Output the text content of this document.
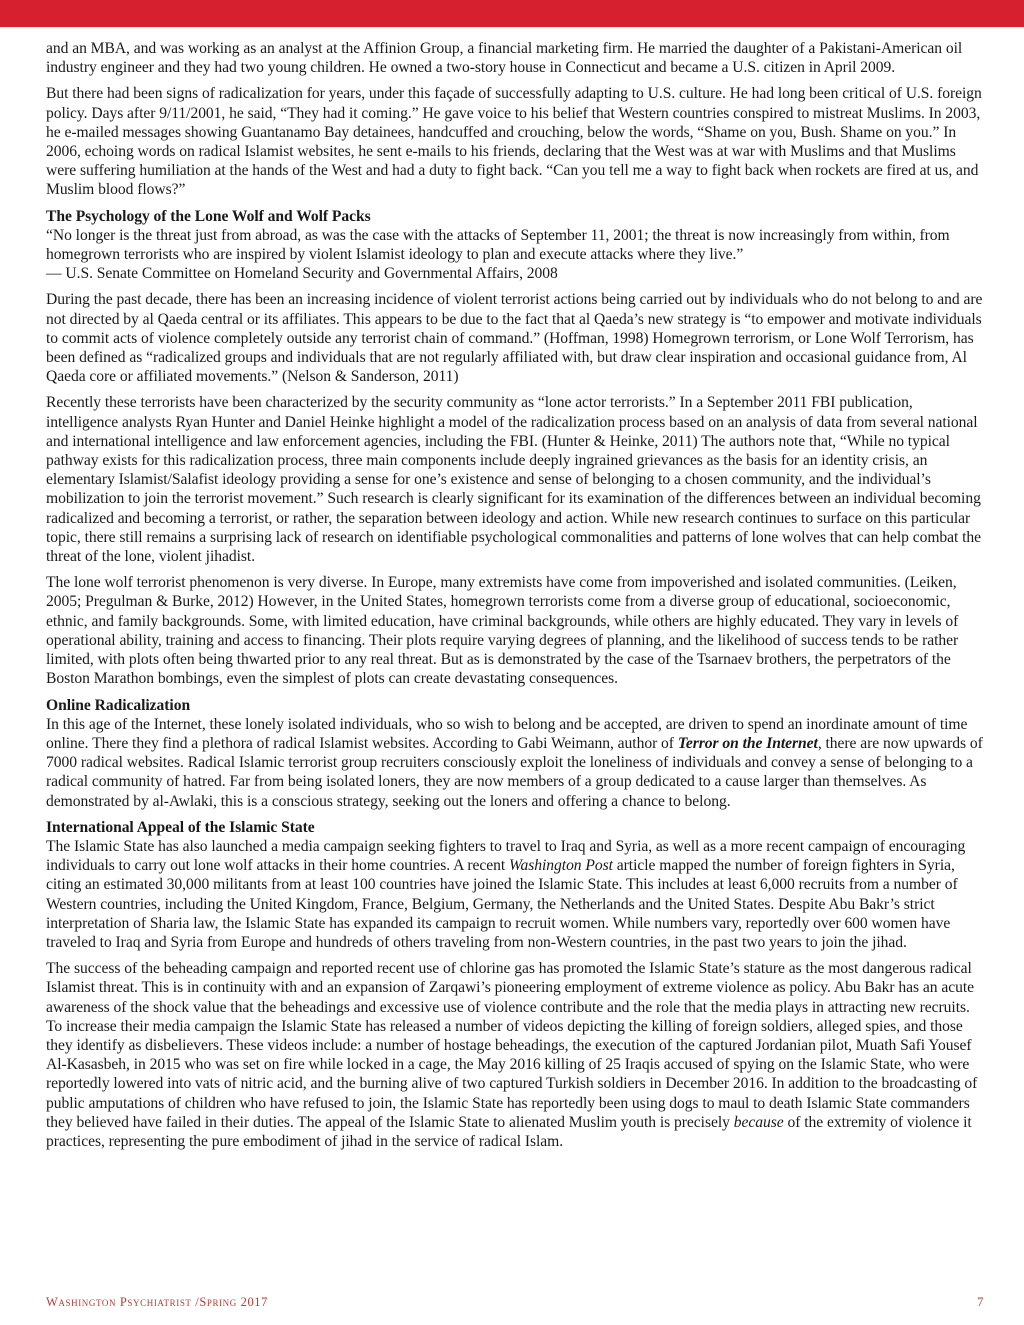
and an MBA, and was working as an analyst at the Affinion Group, a financial marketing firm. He married the daughter of a Pakistani-American oil industry engineer and they had two young children. He owned a two-story house in Connecticut and became a U.S. citizen in April 2009.

But there had been signs of radicalization for years, under this façade of successfully adapting to U.S. culture. He had long been critical of U.S. foreign policy. Days after 9/11/2001, he said, “They had it coming.” He gave voice to his belief that Western countries conspired to mistreat Muslims. In 2003, he e-mailed messages showing Guantanamo Bay detainees, handcuffed and crouching, below the words, “Shame on you, Bush. Shame on you.” In 2006, echoing words on radical Islamist websites, he sent e-mails to his friends, declaring that the West was at war with Muslims and that Muslims were suffering humiliation at the hands of the West and had a duty to fight back. “Can you tell me a way to fight back when rockets are fired at us, and Muslim blood flows?”

The Psychology of the Lone Wolf and Wolf Packs

“No longer is the threat just from abroad, as was the case with the attacks of September 11, 2001; the threat is now increasingly from within, from homegrown terrorists who are inspired by violent Islamist ideology to plan and execute attacks where they live.”

— U.S. Senate Committee on Homeland Security and Governmental Affairs, 2008

During the past decade, there has been an increasing incidence of violent terrorist actions being carried out by individuals who do not belong to and are not directed by al Qaeda central or its affiliates. This appears to be due to the fact that al Qaeda’s new strategy is “to empower and motivate individuals to commit acts of violence completely outside any terrorist chain of command.” (Hoffman, 1998) Homegrown terrorism, or Lone Wolf Terrorism, has been defined as “radicalized groups and individuals that are not regularly affiliated with, but draw clear inspiration and occasional guidance from, Al Qaeda core or affiliated movements.” (Nelson & Sanderson, 2011)

Recently these terrorists have been characterized by the security community as “lone actor terrorists.” In a September 2011 FBI publication, intelligence analysts Ryan Hunter and Daniel Heinke highlight a model of the radicalization process based on an analysis of data from several national and international intelligence and law enforcement agencies, including the FBI. (Hunter & Heinke, 2011) The authors note that, “While no typical pathway exists for this radicalization process, three main components include deeply ingrained grievances as the basis for an identity crisis, an elementary Islamist/Salafist ideology providing a sense for one’s existence and sense of belonging to a chosen community, and the individual’s mobilization to join the terrorist movement.” Such research is clearly significant for its examination of the differences between an individual becoming radicalized and becoming a terrorist, or rather, the separation between ideology and action. While new research continues to surface on this particular topic, there still remains a surprising lack of research on identifiable psychological commonalities and patterns of lone wolves that can help combat the threat of the lone, violent jihadist.

The lone wolf terrorist phenomenon is very diverse. In Europe, many extremists have come from impoverished and isolated communities. (Leiken, 2005; Pregulman & Burke, 2012) However, in the United States, homegrown terrorists come from a diverse group of educational, socioeconomic, ethnic, and family backgrounds. Some, with limited education, have criminal backgrounds, while others are highly educated. They vary in levels of operational ability, training and access to financing. Their plots require varying degrees of planning, and the likelihood of success tends to be rather limited, with plots often being thwarted prior to any real threat. But as is demonstrated by the case of the Tsarnaev brothers, the perpetrators of the Boston Marathon bombings, even the simplest of plots can create devastating consequences.

Online Radicalization

In this age of the Internet, these lonely isolated individuals, who so wish to belong and be accepted, are driven to spend an inordinate amount of time online. There they find a plethora of radical Islamist websites. According to Gabi Weimann, author of Terror on the Internet, there are now upwards of 7000 radical websites. Radical Islamic terrorist group recruiters consciously exploit the loneliness of individuals and convey a sense of belonging to a radical community of hatred. Far from being isolated loners, they are now members of a group dedicated to a cause larger than themselves. As demonstrated by al-Awlaki, this is a conscious strategy, seeking out the loners and offering a chance to belong.

International Appeal of the Islamic State

The Islamic State has also launched a media campaign seeking fighters to travel to Iraq and Syria, as well as a more recent campaign of encouraging individuals to carry out lone wolf attacks in their home countries. A recent Washington Post article mapped the number of foreign fighters in Syria, citing an estimated 30,000 militants from at least 100 countries have joined the Islamic State. This includes at least 6,000 recruits from a number of Western countries, including the United Kingdom, France, Belgium, Germany, the Netherlands and the United States. Despite Abu Bakr’s strict interpretation of Sharia law, the Islamic State has expanded its campaign to recruit women. While numbers vary, reportedly over 600 women have traveled to Iraq and Syria from Europe and hundreds of others traveling from non-Western countries, in the past two years to join the jihad.

The success of the beheading campaign and reported recent use of chlorine gas has promoted the Islamic State’s stature as the most dangerous radical Islamist threat. This is in continuity with and an expansion of Zarqawi’s pioneering employment of extreme violence as policy. Abu Bakr has an acute awareness of the shock value that the beheadings and excessive use of violence contribute and the role that the media plays in attracting new recruits. To increase their media campaign the Islamic State has released a number of videos depicting the killing of foreign soldiers, alleged spies, and those they identify as disbelievers. These videos include: a number of hostage beheadings, the execution of the captured Jordanian pilot, Muath Safi Yousef Al-Kasasbeh, in 2015 who was set on fire while locked in a cage, the May 2016 killing of 25 Iraqis accused of spying on the Islamic State, who were reportedly lowered into vats of nitric acid, and the burning alive of two captured Turkish soldiers in December 2016. In addition to the broadcasting of public amputations of children who have refused to join, the Islamic State has reportedly been using dogs to maul to death Islamic State commanders they believed have failed in their duties. The appeal of the Islamic State to alienated Muslim youth is precisely because of the extremity of violence it practices, representing the pure embodiment of jihad in the service of radical Islam.

Washington Psychiatrist /Spring 2017	7
